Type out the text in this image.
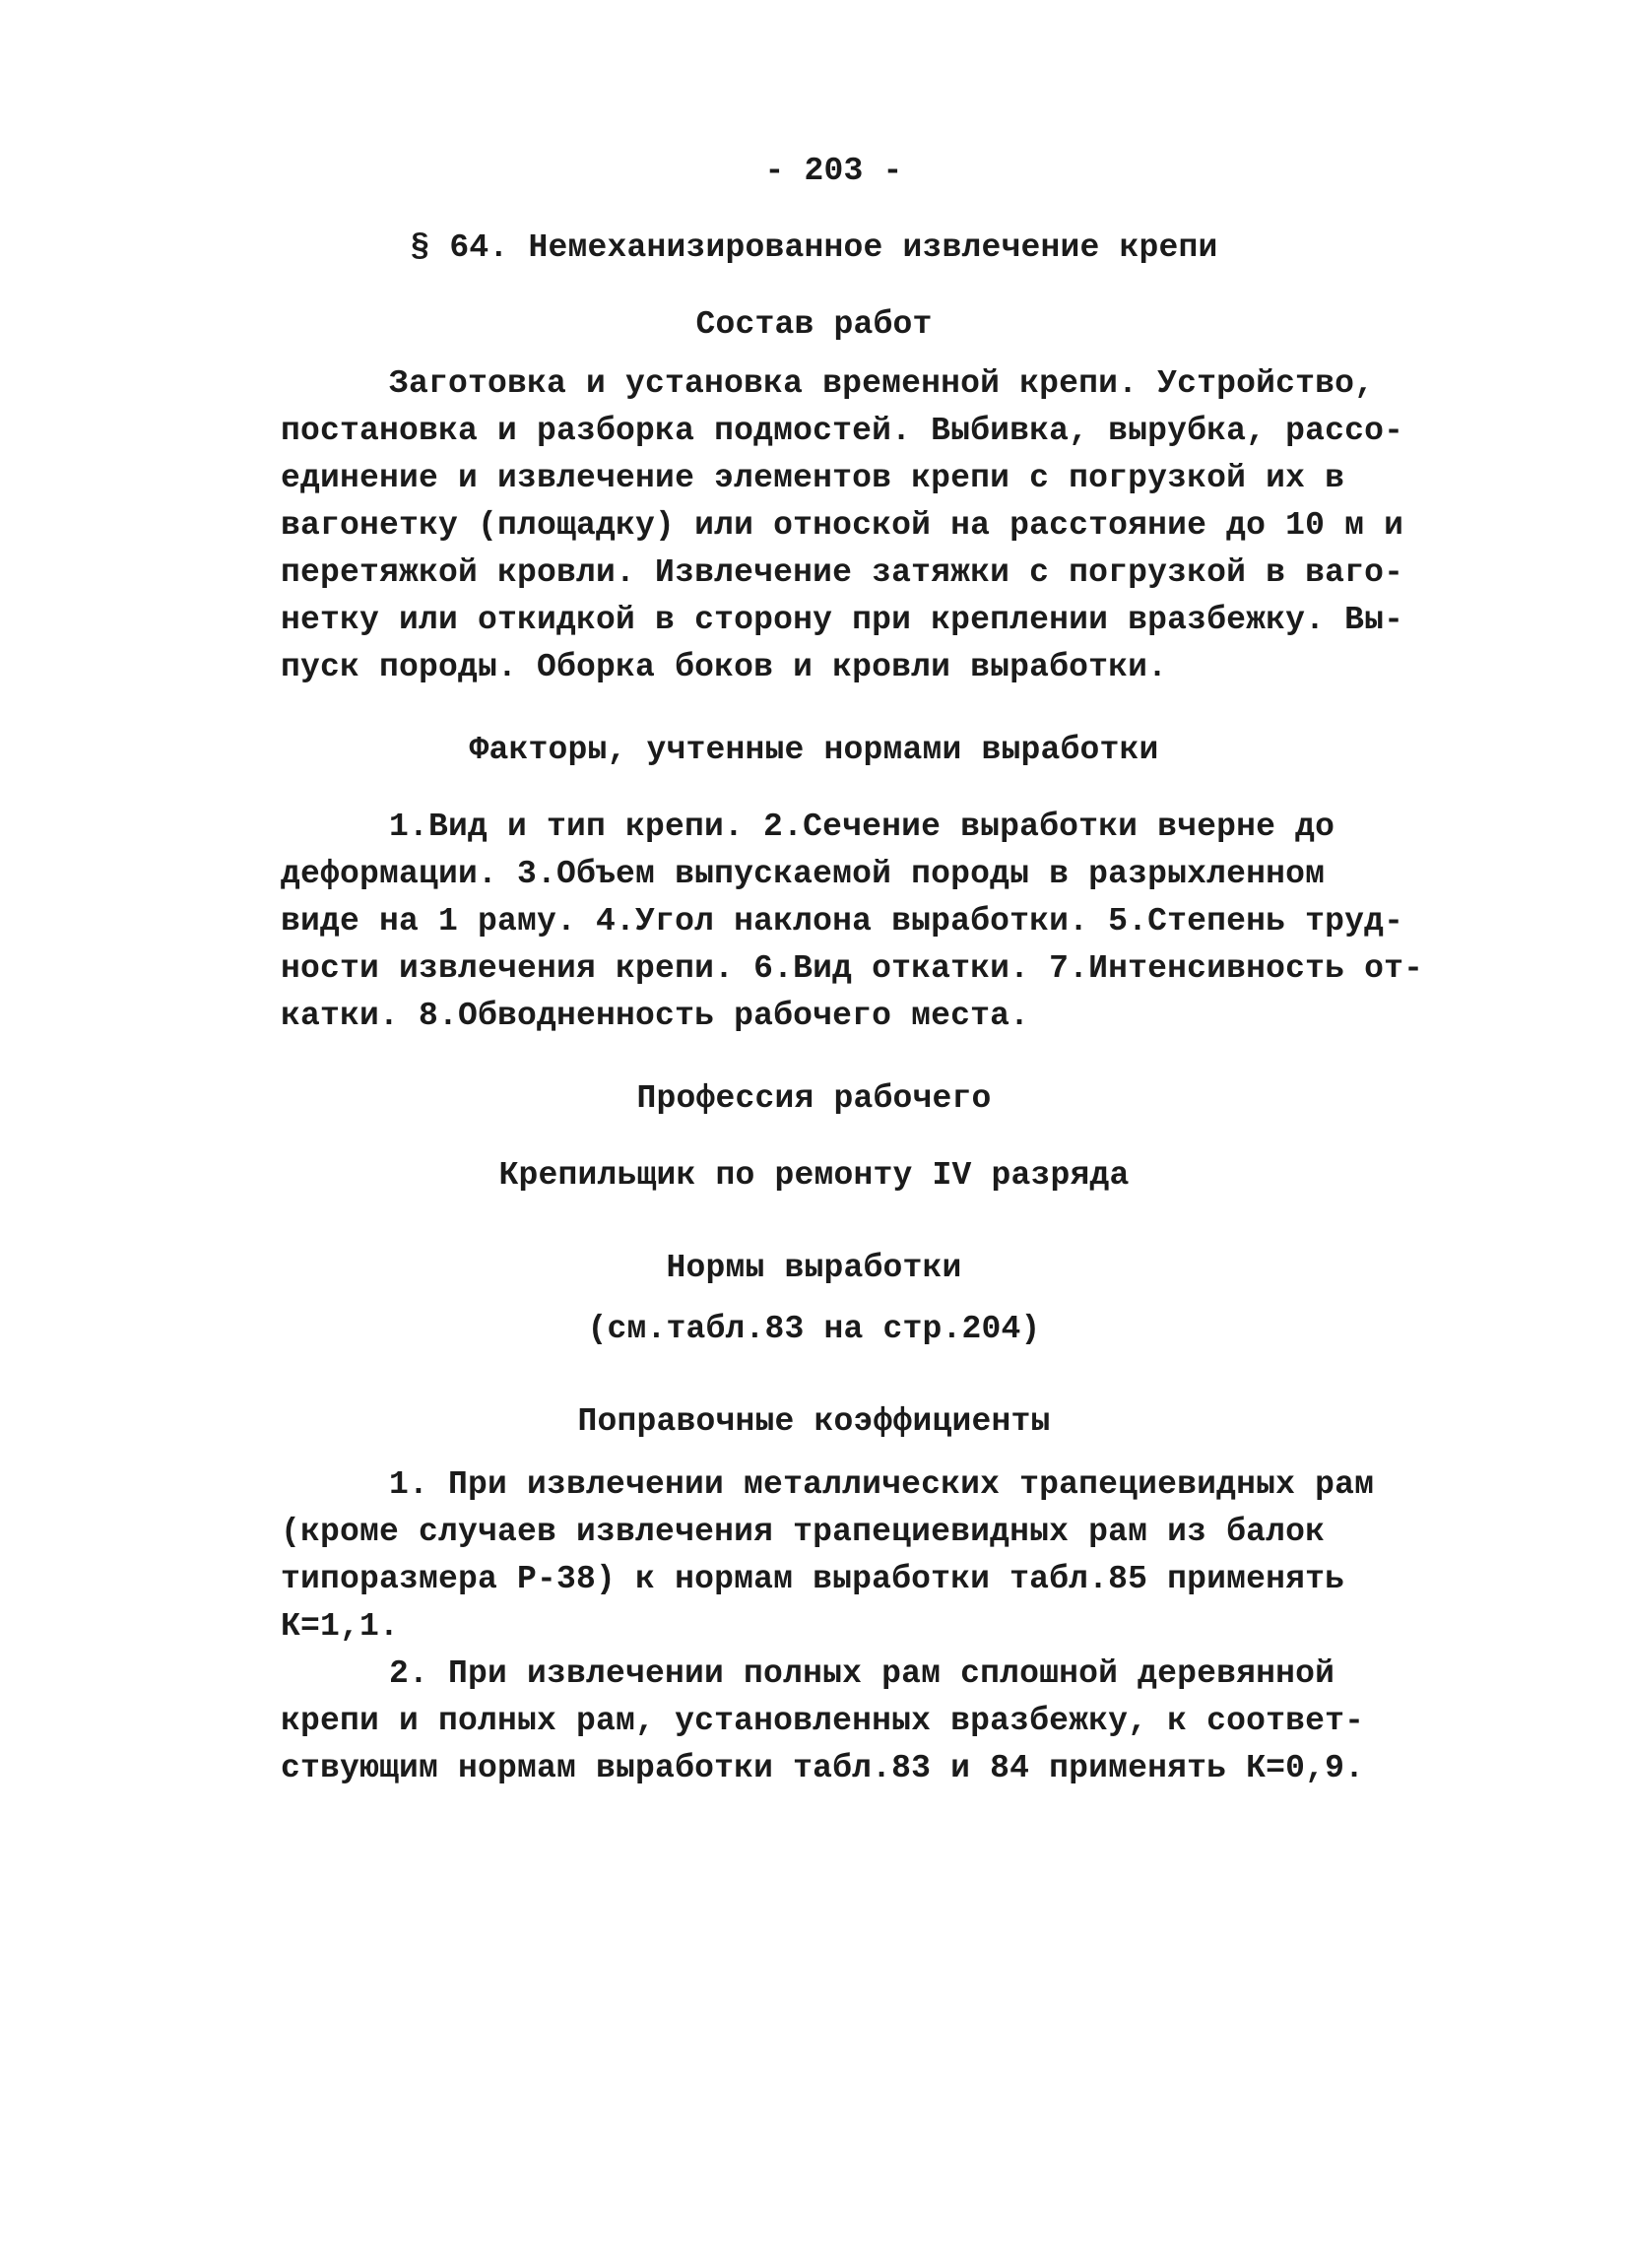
- 203 -
§ 64. Немеханизированное извлечение крепи
Состав работ
Заготовка и установка временной крепи. Устройство,
постановка и разборка подмостей. Выбивка, вырубка, рассо-
единение и извлечение элементов крепи с погрузкой их в
вагонетку (площадку) или отноской на расстояние до 10 м и
перетяжкой кровли. Извлечение затяжки с погрузкой в ваго-
нетку или откидкой в сторону при креплении вразбежку. Вы-
пуск породы. Оборка боков и кровли выработки.
Факторы, учтенные нормами выработки
1.Вид и тип крепи. 2.Сечение выработки вчерне до
деформации. 3.Объем выпускаемой породы в разрыхленном
виде на 1 раму. 4.Угол наклона выработки. 5.Степень труд-
ности извлечения крепи. 6.Вид откатки. 7.Интенсивность от-
катки. 8.Обводненность рабочего места.
Профессия рабочего
Крепильщик по ремонту IV разряда
Нормы выработки
(см.табл.83 на стр.204)
Поправочные коэффициенты
1. При извлечении металлических трапециевидных рам
(кроме случаев извлечения трапециевидных рам из балок
типоразмера Р-38) к нормам выработки табл.85 применять
К=1,1.
2. При извлечении полных рам сплошной деревянной
крепи и полных рам, установленных вразбежку, к соответ-
ствующим нормам выработки табл.83 и 84 применять К=0,9.
